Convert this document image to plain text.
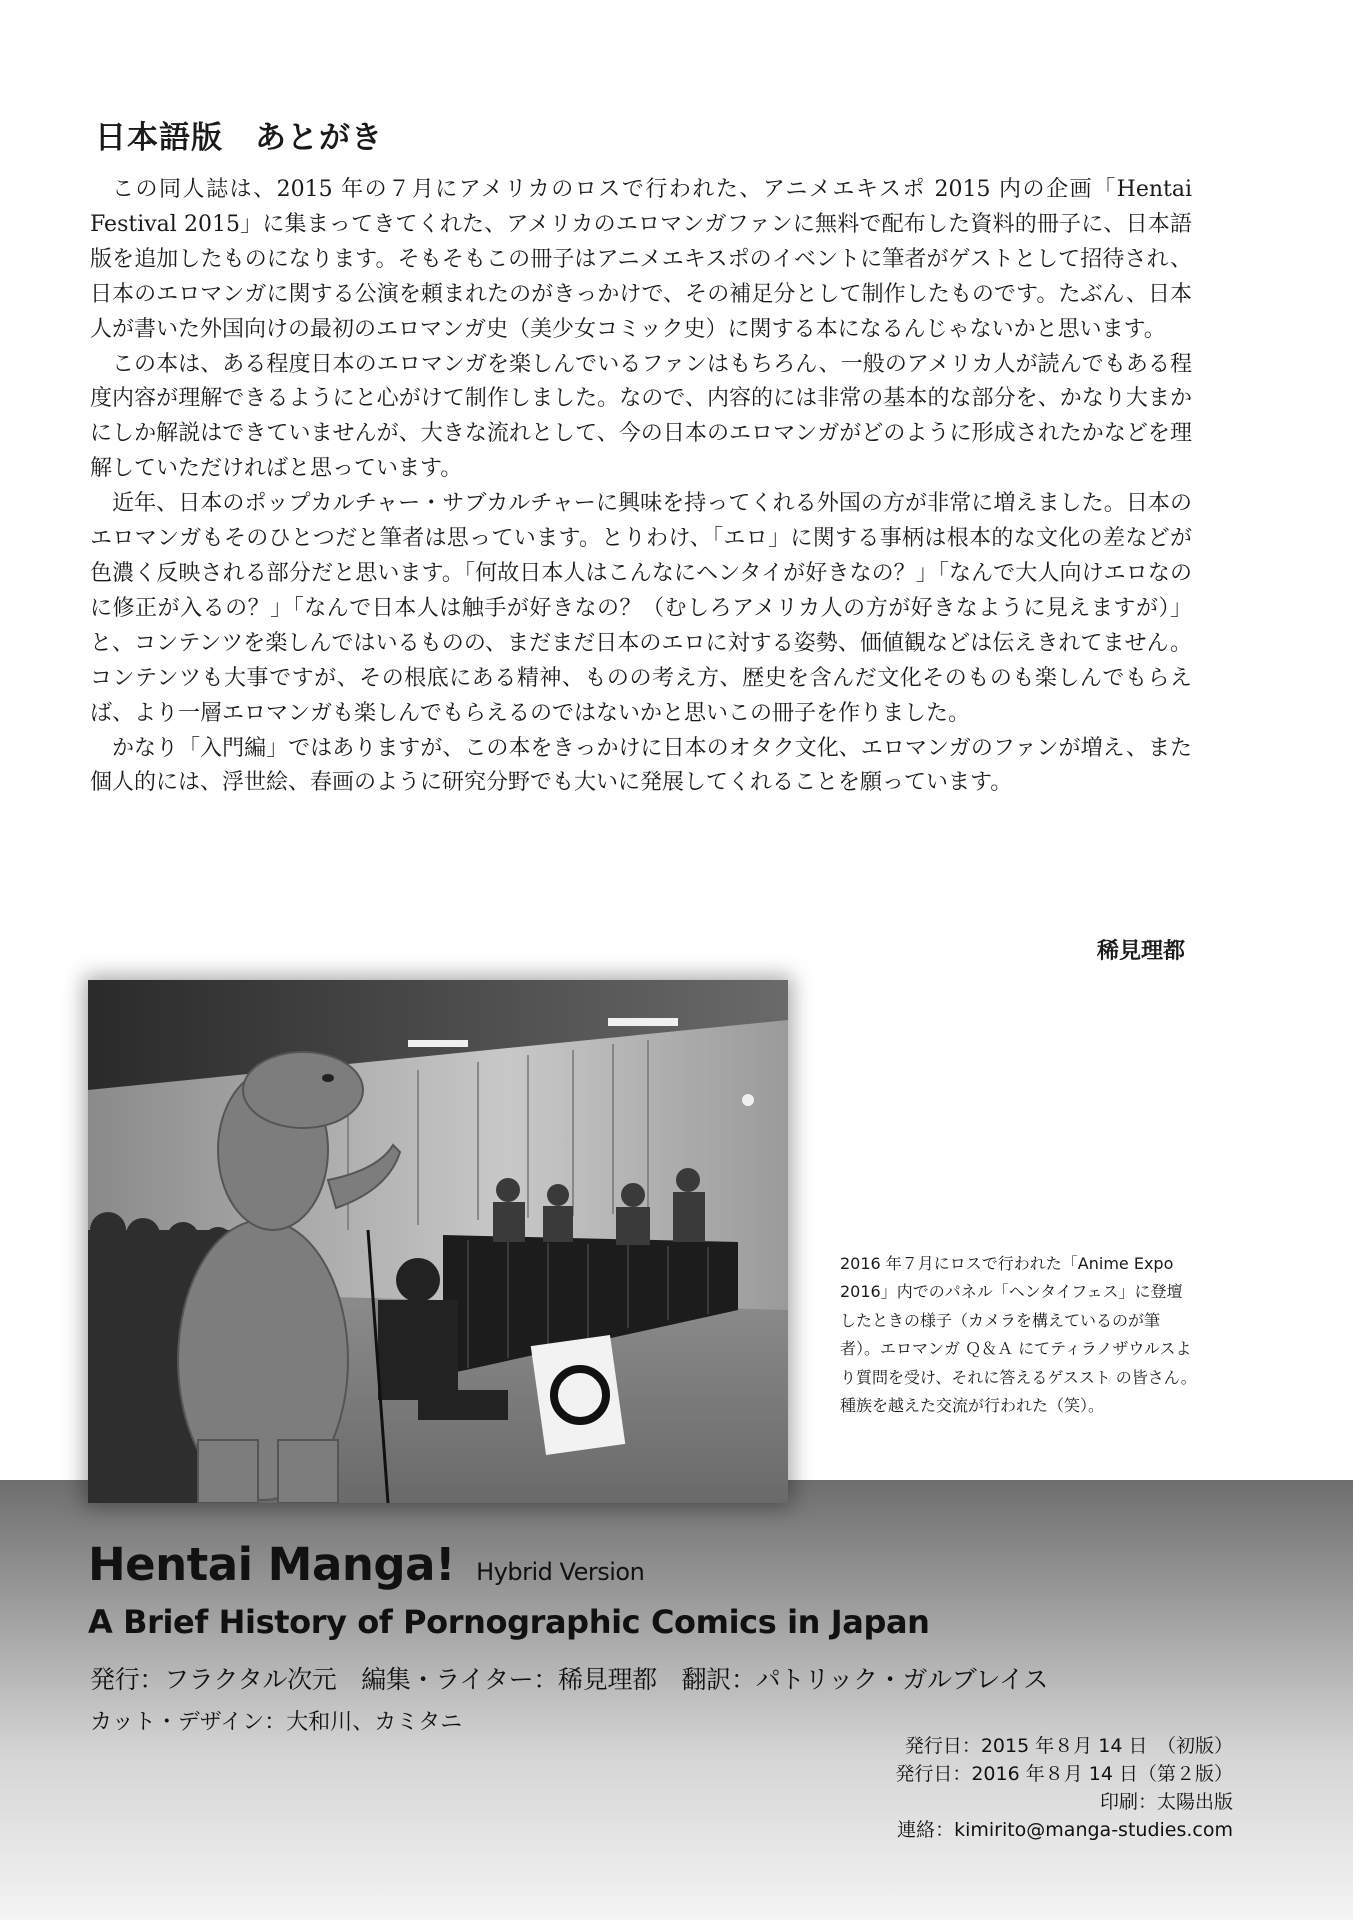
日本語版　あとがき

この同人誌は、2015 年の７月にアメリカのロスで行われた、アニメエキスポ 2015 内の企画「Hentai Festival 2015」に集まってきてくれた、アメリカのエロマンガファンに無料で配布した資料的冊子に、日本語版を追加したものになります。そもそもこの冊子はアニメエキスポのイベントに筆者がゲストとして招待され、日本のエロマンガに関する公演を頼まれたのがきっかけで、その補足分として制作したものです。たぶん、日本人が書いた外国向けの最初のエロマンガ史（美少女コミック史）に関する本になるんじゃないかと思います。

この本は、ある程度日本のエロマンガを楽しんでいるファンはもちろん、一般のアメリカ人が読んでもある程度内容が理解できるようにと心がけて制作しました。なので、内容的には非常の基本的な部分を、かなり大まかにしか解説はできていませんが、大きな流れとして、今の日本のエロマンガがどのように形成されたかなどを理解していただければと思っています。

近年、日本のポップカルチャー・サブカルチャーに興味を持ってくれる外国の方が非常に増えました。日本のエロマンガもそのひとつだと筆者は思っています。とりわけ、「エロ」に関する事柄は根本的な文化の差などが色濃く反映される部分だと思います。「何故日本人はこんなにヘンタイが好きなの？」「なんで大人向けエロなのに修正が入るの？」「なんで日本人は触手が好きなの？（むしろアメリカ人の方が好きなように見えますが）」と、コンテンツを楽しんではいるものの、まだまだ日本のエロに対する姿勢、価値観などは伝えきれてません。コンテンツも大事ですが、その根底にある精神、ものの考え方、歴史を含んだ文化そのものも楽しんでもらえば、より一層エロマンガも楽しんでもらえるのではないかと思いこの冊子を作りました。

かなり「入門編」ではありますが、この本をきっかけに日本のオタク文化、エロマンガのファンが増え、また個人的には、浮世絵、春画のように研究分野でも大いに発展してくれることを願っています。

稀見理都

2016 年７月にロスで行われた「Anime Expo 2016」内でのパネル「ヘンタイフェス」に登壇したときの様子（カメラを構えているのが筆者）。エロマンガ Ｑ＆Ａ にてティラノザウルスより質問を受け、それに答えるゲススト の皆さん。種族を越えた交流が行われた（笑）。

Hentai Manga! Hybrid Version

A Brief History of Pornographic Comics in Japan

発行：フラクタル次元　編集・ライター：稀見理都　翻訳：パトリック・ガルブレイス

カット・デザイン：大和川、カミタニ

発行日：2015 年８月 14 日　（初版）
発行日：2016 年８月 14 日（第２版）
印刷：太陽出版
連絡：kimirito@manga-studies.com
